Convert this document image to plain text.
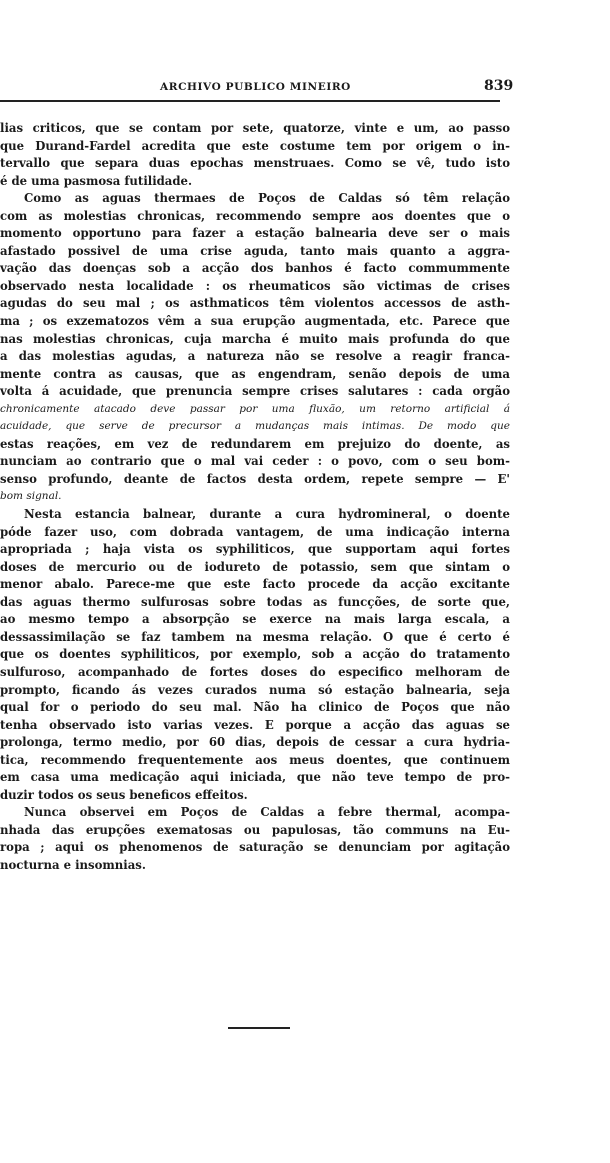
ARCHIVO PUBLICO MINEIRO	839
lias criticos, que se contam por sete, quatorze, vinte e um, ao passo
que Durand-Fardel acredita que este costume tem por origem o in-
tervallo que separa duas epochas menstruaes. Como se vê, tudo isto
é de uma pasmosa futilidade.
Como as aguas thermaes de Poços de Caldas só têm relação
com as molestias chronicas, recommendo sempre aos doentes que o
momento opportuno para fazer a estação balnearia deve ser o mais
afastado possivel de uma crise aguda, tanto mais quanto a aggra-
vação das doenças sob a acção dos banhos é facto commummente
observado nesta localidade : os rheumaticos são victimas de crises
agudas do seu mal ; os asthmaticos têm violentos accessos de asth-
ma ; os exzematozos vêm a sua erupção augmentada, etc. Parece que
nas molestias chronicas, cuja marcha é muito mais profunda do que
a das molestias agudas, a natureza não se resolve a reagir franca-
mente contra as causas, que as engendram, senão depois de uma
volta á acuidade, que prenuncia sempre crises salutares : cada orgão
chronicamente atacado deve passar por uma fluxão, um retorno artificial á
acuidade, que serve de precursor a mudanças mais intimas. De modo que
estas reações, em vez de redundarem em prejuizo do doente, as
nunciam ao contrario que o mal vai ceder : o povo, com o seu bom-
senso profundo, deante de factos desta ordem, repete sempre — E'
bom signal.
Nesta estancia balnear, durante a cura hydromineral, o doente
póde fazer uso, com dobrada vantagem, de uma indicação interna
apropriada ; haja vista os syphiliticos, que supportam aqui fortes
doses de mercurio ou de iodureto de potassio, sem que sintam o
menor abalo. Parece-me que este facto procede da acção excitante
das aguas thermo sulfurosas sobre todas as funcções, de sorte que,
ao mesmo tempo a absorpção se exerce na mais larga escala, a
dessassimilação se faz tambem na mesma relação. O que é certo é
que os doentes syphiliticos, por exemplo, sob a acção do tratamento
sulfuroso, acompanhado de fortes doses do especifico melhoram de
prompto, ficando ás vezes curados numa só estação balnearia, seja
qual for o periodo do seu mal. Não ha clinico de Poços que não
tenha observado isto varias vezes. E porque a acção das aguas se
prolonga, termo medio, por 60 dias, depois de cessar a cura hydria-
tica, recommendo frequentemente aos meus doentes, que continuem
em casa uma medicação aqui iniciada, que não teve tempo de pro-
duzir todos os seus beneficos effeitos.
Nunca observei em Poços de Caldas a febre thermal, acompa-
nhada das erupções exematosas ou papulosas, tão communs na Eu-
ropa ; aqui os phenomenos de saturação se denunciam por agitação
nocturna e insomnias.
